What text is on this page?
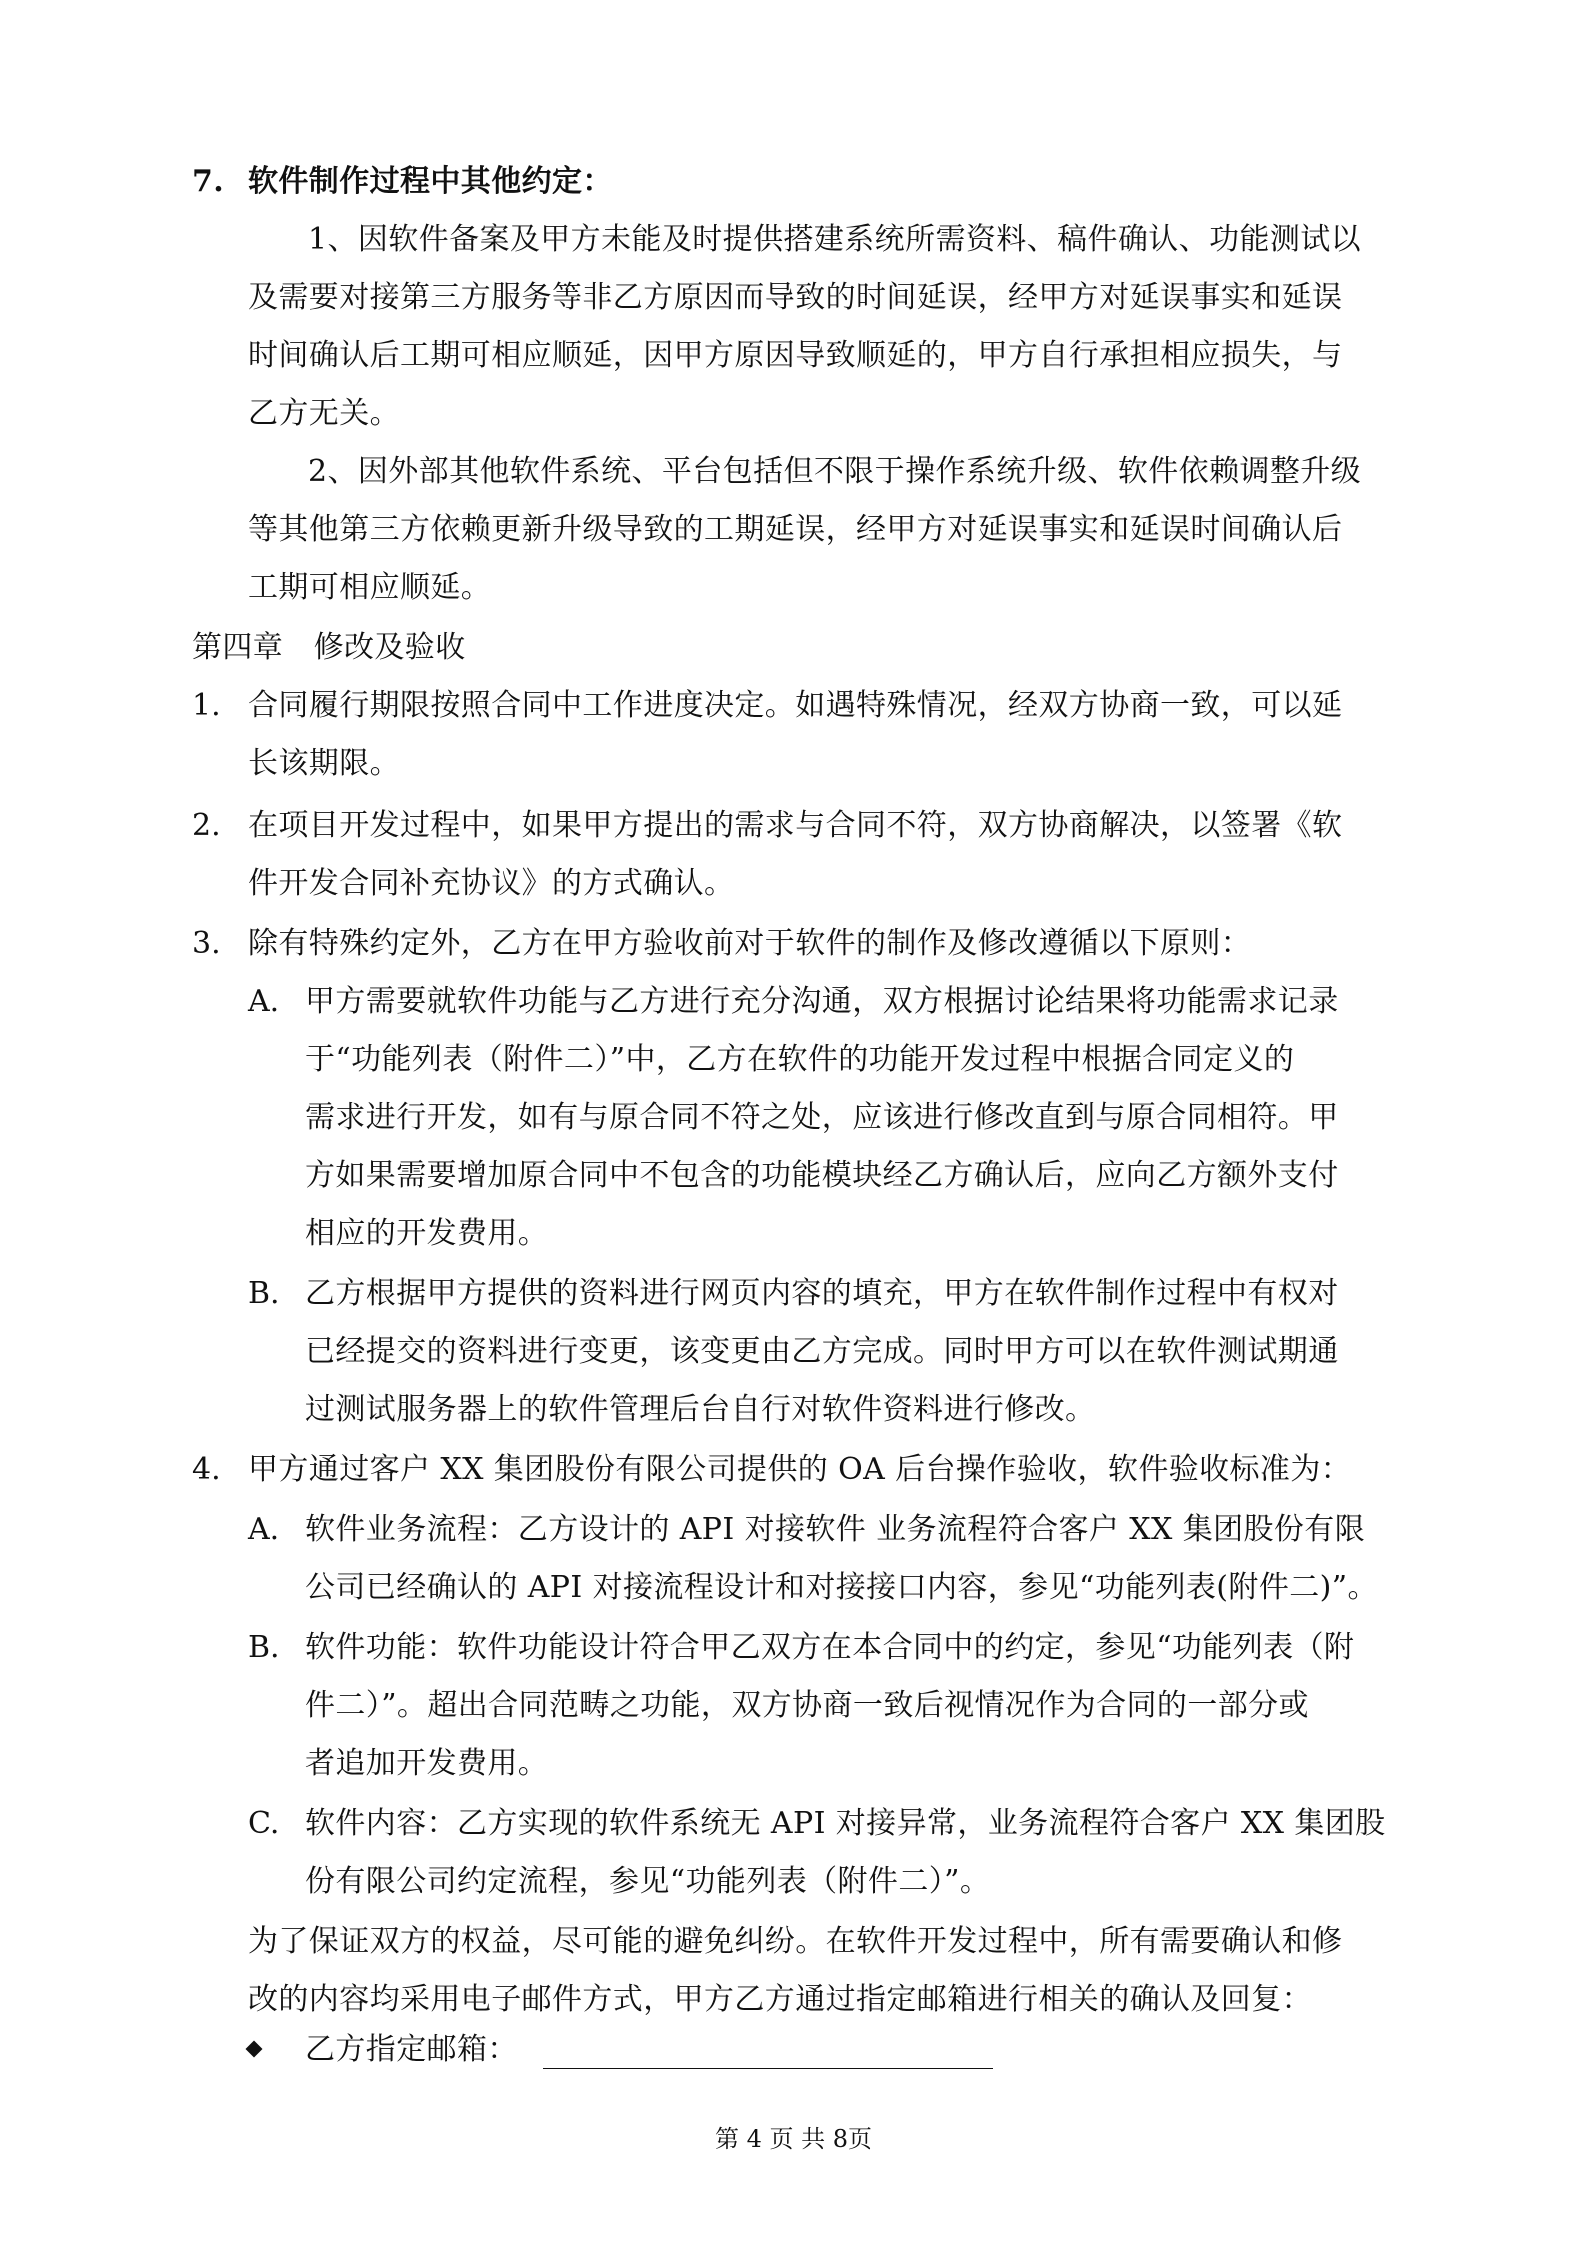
7. 软件制作过程中其他约定：
1、因软件备案及甲方未能及时提供搭建系统所需资料、稿件确认、功能测试以
及需要对接第三方服务等非乙方原因而导致的时间延误，经甲方对延误事实和延误
时间确认后工期可相应顺延，因甲方原因导致顺延的，甲方自行承担相应损失，与
乙方无关。
2、因外部其他软件系统、平台包括但不限于操作系统升级、软件依赖调整升级
等其他第三方依赖更新升级导致的工期延误，经甲方对延误事实和延误时间确认后
工期可相应顺延。
第四章　修改及验收
1. 合同履行期限按照合同中工作进度决定。如遇特殊情况，经双方协商一致，可以延
长该期限。
2. 在项目开发过程中，如果甲方提出的需求与合同不符，双方协商解决，以签署《软
件开发合同补充协议》的方式确认。
3. 除有特殊约定外，乙方在甲方验收前对于软件的制作及修改遵循以下原则：
A. 甲方需要就软件功能与乙方进行充分沟通，双方根据讨论结果将功能需求记录
于“功能列表（附件二）”中，乙方在软件的功能开发过程中根据合同定义的
需求进行开发，如有与原合同不符之处，应该进行修改直到与原合同相符。甲
方如果需要增加原合同中不包含的功能模块经乙方确认后，应向乙方额外支付
相应的开发费用。
B. 乙方根据甲方提供的资料进行网页内容的填充，甲方在软件制作过程中有权对
已经提交的资料进行变更，该变更由乙方完成。同时甲方可以在软件测试期通
过测试服务器上的软件管理后台自行对软件资料进行修改。
4. 甲方通过客户 XX 集团股份有限公司提供的 OA 后台操作验收，软件验收标准为：
A. 软件业务流程：乙方设计的 API 对接软件 业务流程符合客户 XX 集团股份有限
公司已经确认的 API 对接流程设计和对接接口内容，参见“功能列表(附件二)”。
B. 软件功能：软件功能设计符合甲乙双方在本合同中的约定，参见“功能列表（附
件二）”。超出合同范畴之功能，双方协商一致后视情况作为合同的一部分或
者追加开发费用。
C. 软件内容：乙方实现的软件系统无 API 对接异常，业务流程符合客户 XX 集团股
份有限公司约定流程，参见“功能列表（附件二）”。
为了保证双方的权益，尽可能的避免纠纷。在软件开发过程中，所有需要确认和修
改的内容均采用电子邮件方式，甲方乙方通过指定邮箱进行相关的确认及回复：
乙方指定邮箱：
第 4 页 共 8页
